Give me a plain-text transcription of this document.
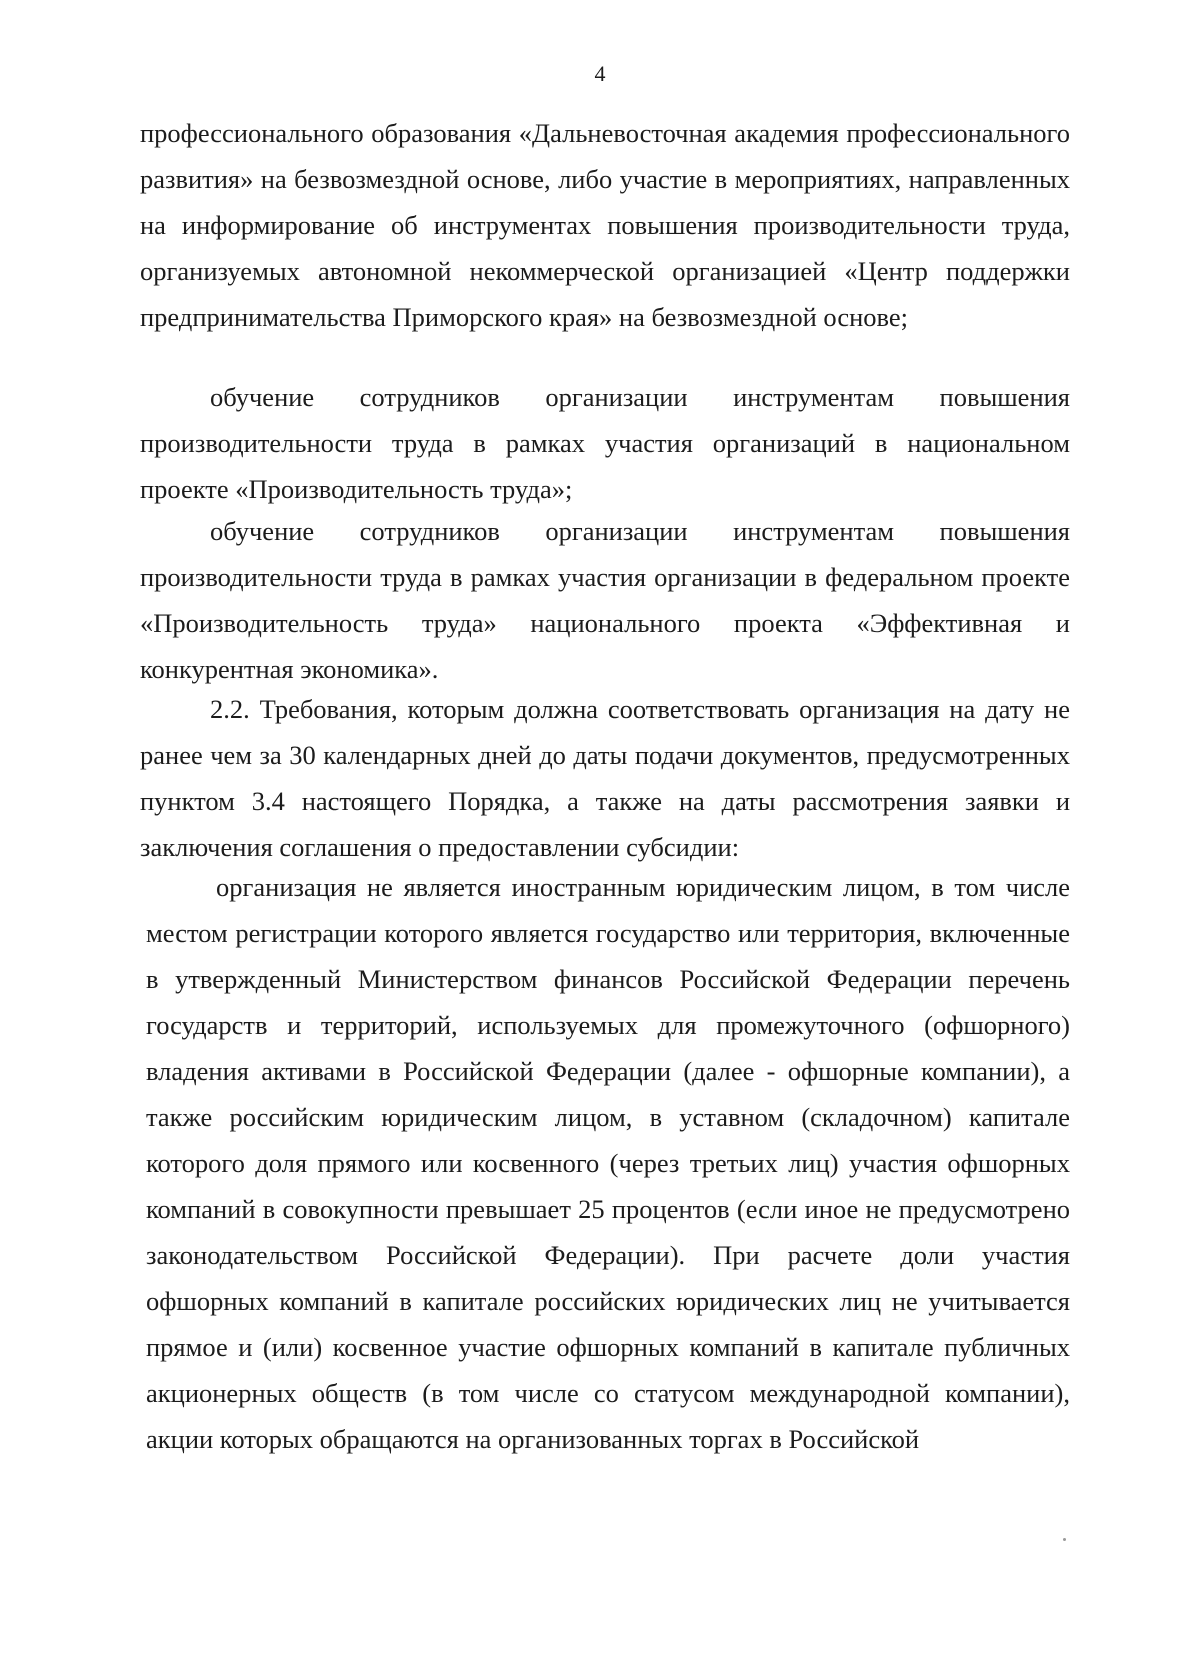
4

профессионального образования «Дальневосточная академия профессионального развития» на безвозмездной основе, либо участие в мероприятиях, направленных на информирование об инструментах повышения производительности труда, организуемых автономной некоммерческой организацией «Центр поддержки предпринимательства Приморского края» на безвозмездной основе;

обучение сотрудников организации инструментам повышения производительности труда в рамках участия организаций в национальном проекте «Производительность труда»;

обучение сотрудников организации инструментам повышения производительности труда в рамках участия организации в федеральном проекте «Производительность труда» национального проекта «Эффективная и конкурентная экономика».

2.2. Требования, которым должна соответствовать организация на дату не ранее чем за 30 календарных дней до даты подачи документов, предусмотренных пунктом 3.4 настоящего Порядка, а также на даты рассмотрения заявки и заключения соглашения о предоставлении субсидии:

организация не является иностранным юридическим лицом, в том числе местом регистрации которого является государство или территория, включенные в утвержденный Министерством финансов Российской Федерации перечень государств и территорий, используемых для промежуточного (офшорного) владения активами в Российской Федерации (далее - офшорные компании), а также российским юридическим лицом, в уставном (складочном) капитале которого доля прямого или косвенного (через третьих лиц) участия офшорных компаний в совокупности превышает 25 процентов (если иное не предусмотрено законодательством Российской Федерации). При расчете доли участия офшорных компаний в капитале российских юридических лиц не учитывается прямое и (или) косвенное участие офшорных компаний в капитале публичных акционерных обществ (в том числе со статусом международной компании), акции которых обращаются на организованных торгах в Российской
